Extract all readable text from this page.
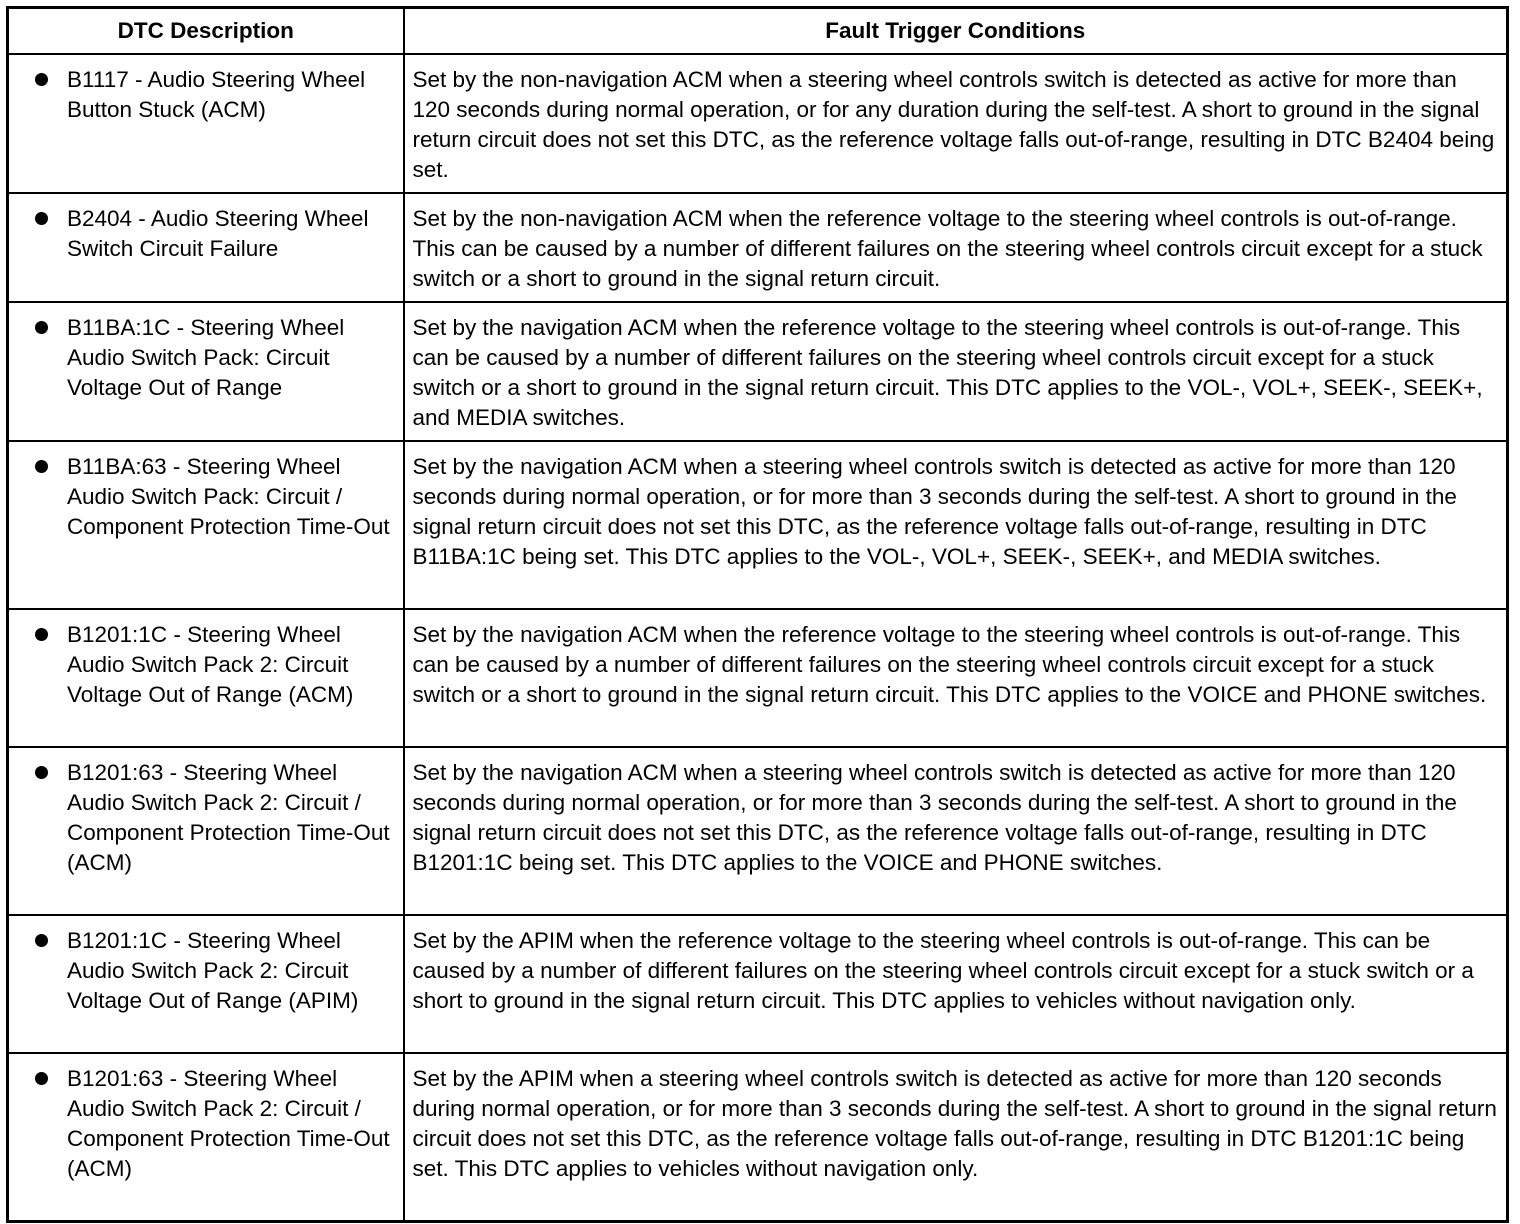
DTC Description	Fault Trigger Conditions

B1117 - Audio Steering Wheel Button Stuck (ACM)	Set by the non-navigation ACM when a steering wheel controls switch is detected as active for more than 120 seconds during normal operation, or for any duration during the self-test. A short to ground in the signal return circuit does not set this DTC, as the reference voltage falls out-of-range, resulting in DTC B2404 being set.

B2404 - Audio Steering Wheel Switch Circuit Failure	Set by the non-navigation ACM when the reference voltage to the steering wheel controls is out-of-range. This can be caused by a number of different failures on the steering wheel controls circuit except for a stuck switch or a short to ground in the signal return circuit.

B11BA:1C - Steering Wheel Audio Switch Pack: Circuit Voltage Out of Range	Set by the navigation ACM when the reference voltage to the steering wheel controls is out-of-range. This can be caused by a number of different failures on the steering wheel controls circuit except for a stuck switch or a short to ground in the signal return circuit. This DTC applies to the VOL-, VOL+, SEEK-, SEEK+, and MEDIA switches.

B11BA:63 - Steering Wheel Audio Switch Pack: Circuit / Component Protection Time-Out	Set by the navigation ACM when a steering wheel controls switch is detected as active for more than 120 seconds during normal operation, or for more than 3 seconds during the self-test. A short to ground in the signal return circuit does not set this DTC, as the reference voltage falls out-of-range, resulting in DTC B11BA:1C being set. This DTC applies to the VOL-, VOL+, SEEK-, SEEK+, and MEDIA switches.

B1201:1C - Steering Wheel Audio Switch Pack 2: Circuit Voltage Out of Range (ACM)	Set by the navigation ACM when the reference voltage to the steering wheel controls is out-of-range. This can be caused by a number of different failures on the steering wheel controls circuit except for a stuck switch or a short to ground in the signal return circuit. This DTC applies to the VOICE and PHONE switches.

B1201:63 - Steering Wheel Audio Switch Pack 2: Circuit / Component Protection Time-Out (ACM)	Set by the navigation ACM when a steering wheel controls switch is detected as active for more than 120 seconds during normal operation, or for more than 3 seconds during the self-test. A short to ground in the signal return circuit does not set this DTC, as the reference voltage falls out-of-range, resulting in DTC B1201:1C being set. This DTC applies to the VOICE and PHONE switches.

B1201:1C - Steering Wheel Audio Switch Pack 2: Circuit Voltage Out of Range (APIM)	Set by the APIM when the reference voltage to the steering wheel controls is out-of-range. This can be caused by a number of different failures on the steering wheel controls circuit except for a stuck switch or a short to ground in the signal return circuit. This DTC applies to vehicles without navigation only.

B1201:63 - Steering Wheel Audio Switch Pack 2: Circuit / Component Protection Time-Out (ACM)	Set by the APIM when a steering wheel controls switch is detected as active for more than 120 seconds during normal operation, or for more than 3 seconds during the self-test. A short to ground in the signal return circuit does not set this DTC, as the reference voltage falls out-of-range, resulting in DTC B1201:1C being set. This DTC applies to vehicles without navigation only.
